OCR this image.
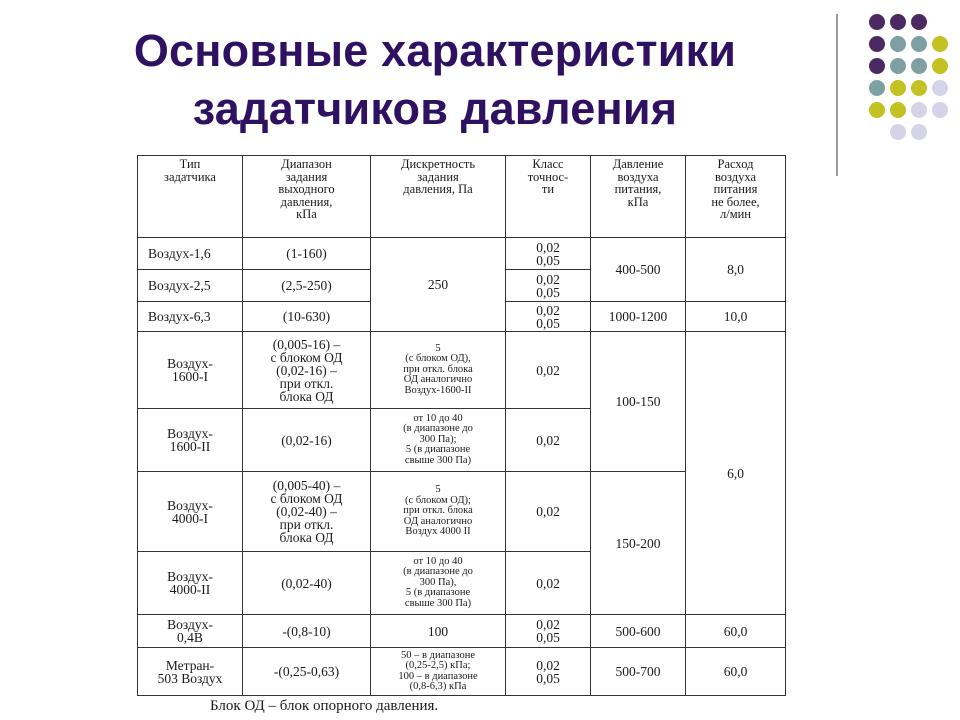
Основные характеристики
задатчиков давления
Тип
задатчика	Диапазон
задания
выходного
давления,
кПа	Дискретность
задания
давления, Па	Класс
точнос-
ти	Давление
воздуха
питания,
кПа	Расход
воздуха
питания
не более,
л/мин

Воздух-1,6	(1-160)	250	0,02
0,05	400-500	8,0

Воздух-2,5	(2,5-250)		0,02
0,05		

Воздух-6,3	(10-630)		0,02
0,05	1000-1200	10,0

Воздух-
1600-I	(0,005-16) –
с блоком ОД
(0,02-16) –
при откл.
блока ОД	5
(с блоком ОД),
при откл. блока
ОД аналогично
Воздух-1600-II	0,02	100-150	6,0

Воздух-
1600-II	(0,02-16)	от 10 до 40
(в диапазоне до
300 Па);
5 (в диапазоне
свыше 300 Па)	0,02		

Воздух-
4000-I	(0,005-40) –
с блоком ОД
(0,02-40) –
при откл.
блока ОД	5
(с блоком ОД);
при откл. блока
ОД аналогично
Воздух 4000 II	0,02	150-200	

Воздух-
4000-II	(0,02-40)	от 10 до 40
(в диапазоне до
300 Па),
5 (в диапазоне
свыше 300 Па)	0,02		

Воздух-
0,4В	-(0,8-10)	100	0,02
0,05	500-600	60,0

Метран-
503 Воздух	-(0,25-0,63)	50 – в диапазоне
(0,25-2,5) кПа;
100 – в диапазоне
(0,8-6,3) кПа	0,02
0,05	500-700	60,0
Блок ОД – блок опорного давления.
